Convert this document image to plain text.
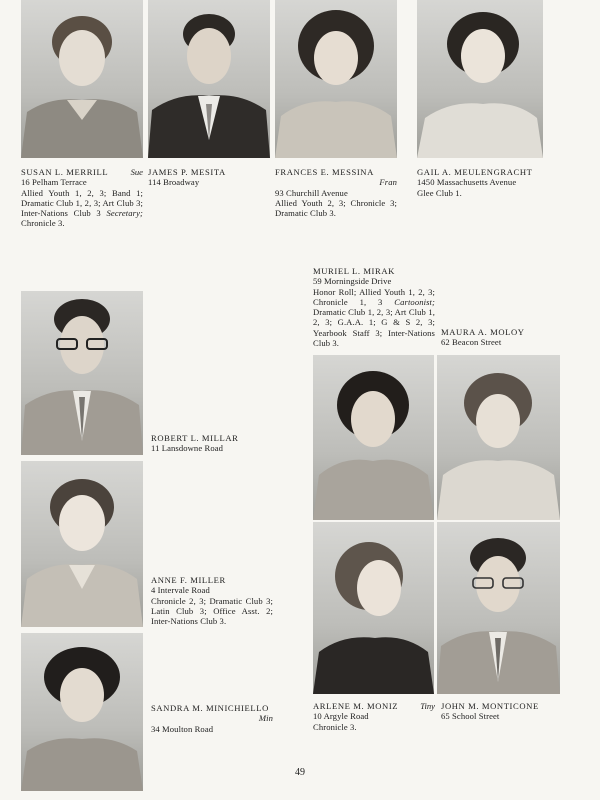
SUSAN L. MERRILL	Sue
16 Pelham Terrace
Allied Youth 1, 2, 3; Band 1; Dramatic Club 1, 2, 3; Art Club 3; Inter-Nations Club 3 Secretary; Chronicle 3.
JAMES P. MESITA
114 Broadway
FRANCES E. MESSINA
Fran
93 Churchill Avenue
Allied Youth 2, 3; Chronicle 3; Dramatic Club 3.
GAIL A. MEULENGRACHT
1450 Massachusetts Avenue
Glee Club 1.
MURIEL L. MIRAK
59 Morningside Drive
Honor Roll; Allied Youth 1, 2, 3; Chronicle 1, 3 Cartoonist; Dramatic Club 1, 2, 3; Art Club 1, 2, 3; G.A.A. 1; G & S 2, 3; Yearbook Staff 3; Inter-Nations Club 3.
MAURA A. MOLOY
62 Beacon Street
ROBERT L. MILLAR
11 Lansdowne Road
ANNE F. MILLER
4 Intervale Road
Chronicle 2, 3; Dramatic Club 3; Latin Club 3; Office Asst. 2; Inter-Nations Club 3.
SANDRA M. MINICHIELLO
Min
34 Moulton Road
ARLENE M. MONIZ	Tiny
10 Argyle Road
Chronicle 3.
JOHN M. MONTICONE
65 School Street
49
